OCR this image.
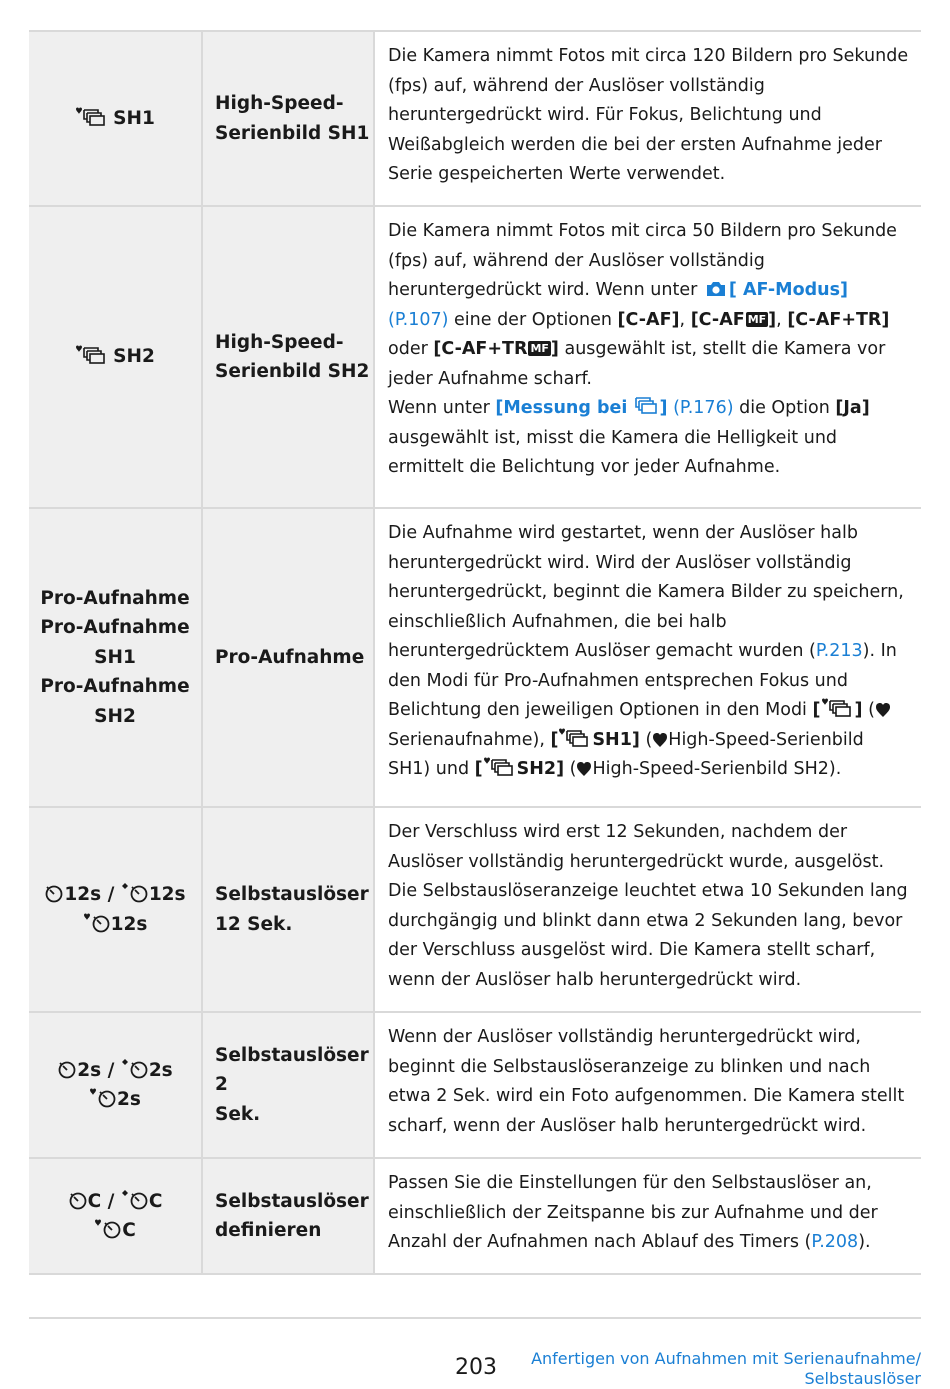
SH1
High-Speed-
Serienbild SH1

Die Kamera nimmt Fotos mit circa 120 Bildern pro Sekunde (fps) auf, während der Auslöser vollständig heruntergedrückt wird. Für Fokus, Belichtung und Weißabgleich werden die bei der ersten Aufnahme jeder Serie gespeicherten Werte verwendet.

SH2
High-Speed-
Serienbild SH2

Die Kamera nimmt Fotos mit circa 50 Bildern pro Sekunde (fps) auf, während der Auslöser vollständig heruntergedrückt wird. Wenn unter [ AF-Modus] (P.107) eine der Optionen [C-AF], [C-AF MF ], [C-AF+TR] oder [C-AF+TR MF ] ausgewählt ist, stellt die Kamera vor jeder Aufnahme scharf.

Wenn unter [Messung bei ] (P.176) die Option [Ja] ausgewählt ist, misst die Kamera die Helligkeit und ermittelt die Belichtung vor jeder Aufnahme.

Pro-Aufnahme
Pro-Aufnahme
SH1
Pro-Aufnahme
SH2
Pro-Aufnahme

Die Aufnahme wird gestartet, wenn der Auslöser halb heruntergedrückt wird. Wird der Auslöser vollständig heruntergedrückt, beginnt die Kamera Bilder zu speichern, einschließlich Aufnahmen, die bei halb heruntergedrücktem Auslöser gemacht wurden (P.213). In den Modi für Pro-Aufnahmen entsprechen Fokus und Belichtung den jeweiligen Optionen in den Modi [ ] (Serienaufnahme), [ SH1] ( High-Speed-Serienbild SH1) und [ SH2] ( High-Speed-Serienbild SH2).

12s / 12s
12s
Selbstauslöser
12 Sek.

Der Verschluss wird erst 12 Sekunden, nachdem der Auslöser vollständig heruntergedrückt wurde, ausgelöst. Die Selbstauslöseranzeige leuchtet etwa 10 Sekunden lang durchgängig und blinkt dann etwa 2 Sekunden lang, bevor der Verschluss ausgelöst wird. Die Kamera stellt scharf, wenn der Auslöser halb heruntergedrückt wird.

2s / 2s
2s
Selbstauslöser 2
Sek.

Wenn der Auslöser vollständig heruntergedrückt wird, beginnt die Selbstauslöseranzeige zu blinken und nach etwa 2 Sek. wird ein Foto aufgenommen. Die Kamera stellt scharf, wenn der Auslöser halb heruntergedrückt wird.

C / C
C
Selbstauslöser
definieren

Passen Sie die Einstellungen für den Selbstauslöser an, einschließlich der Zeitspanne bis zur Aufnahme und der Anzahl der Aufnahmen nach Ablauf des Timers (P.208).

203 Anfertigen von Aufnahmen mit Serienaufnahme/
Selbstauslöser
